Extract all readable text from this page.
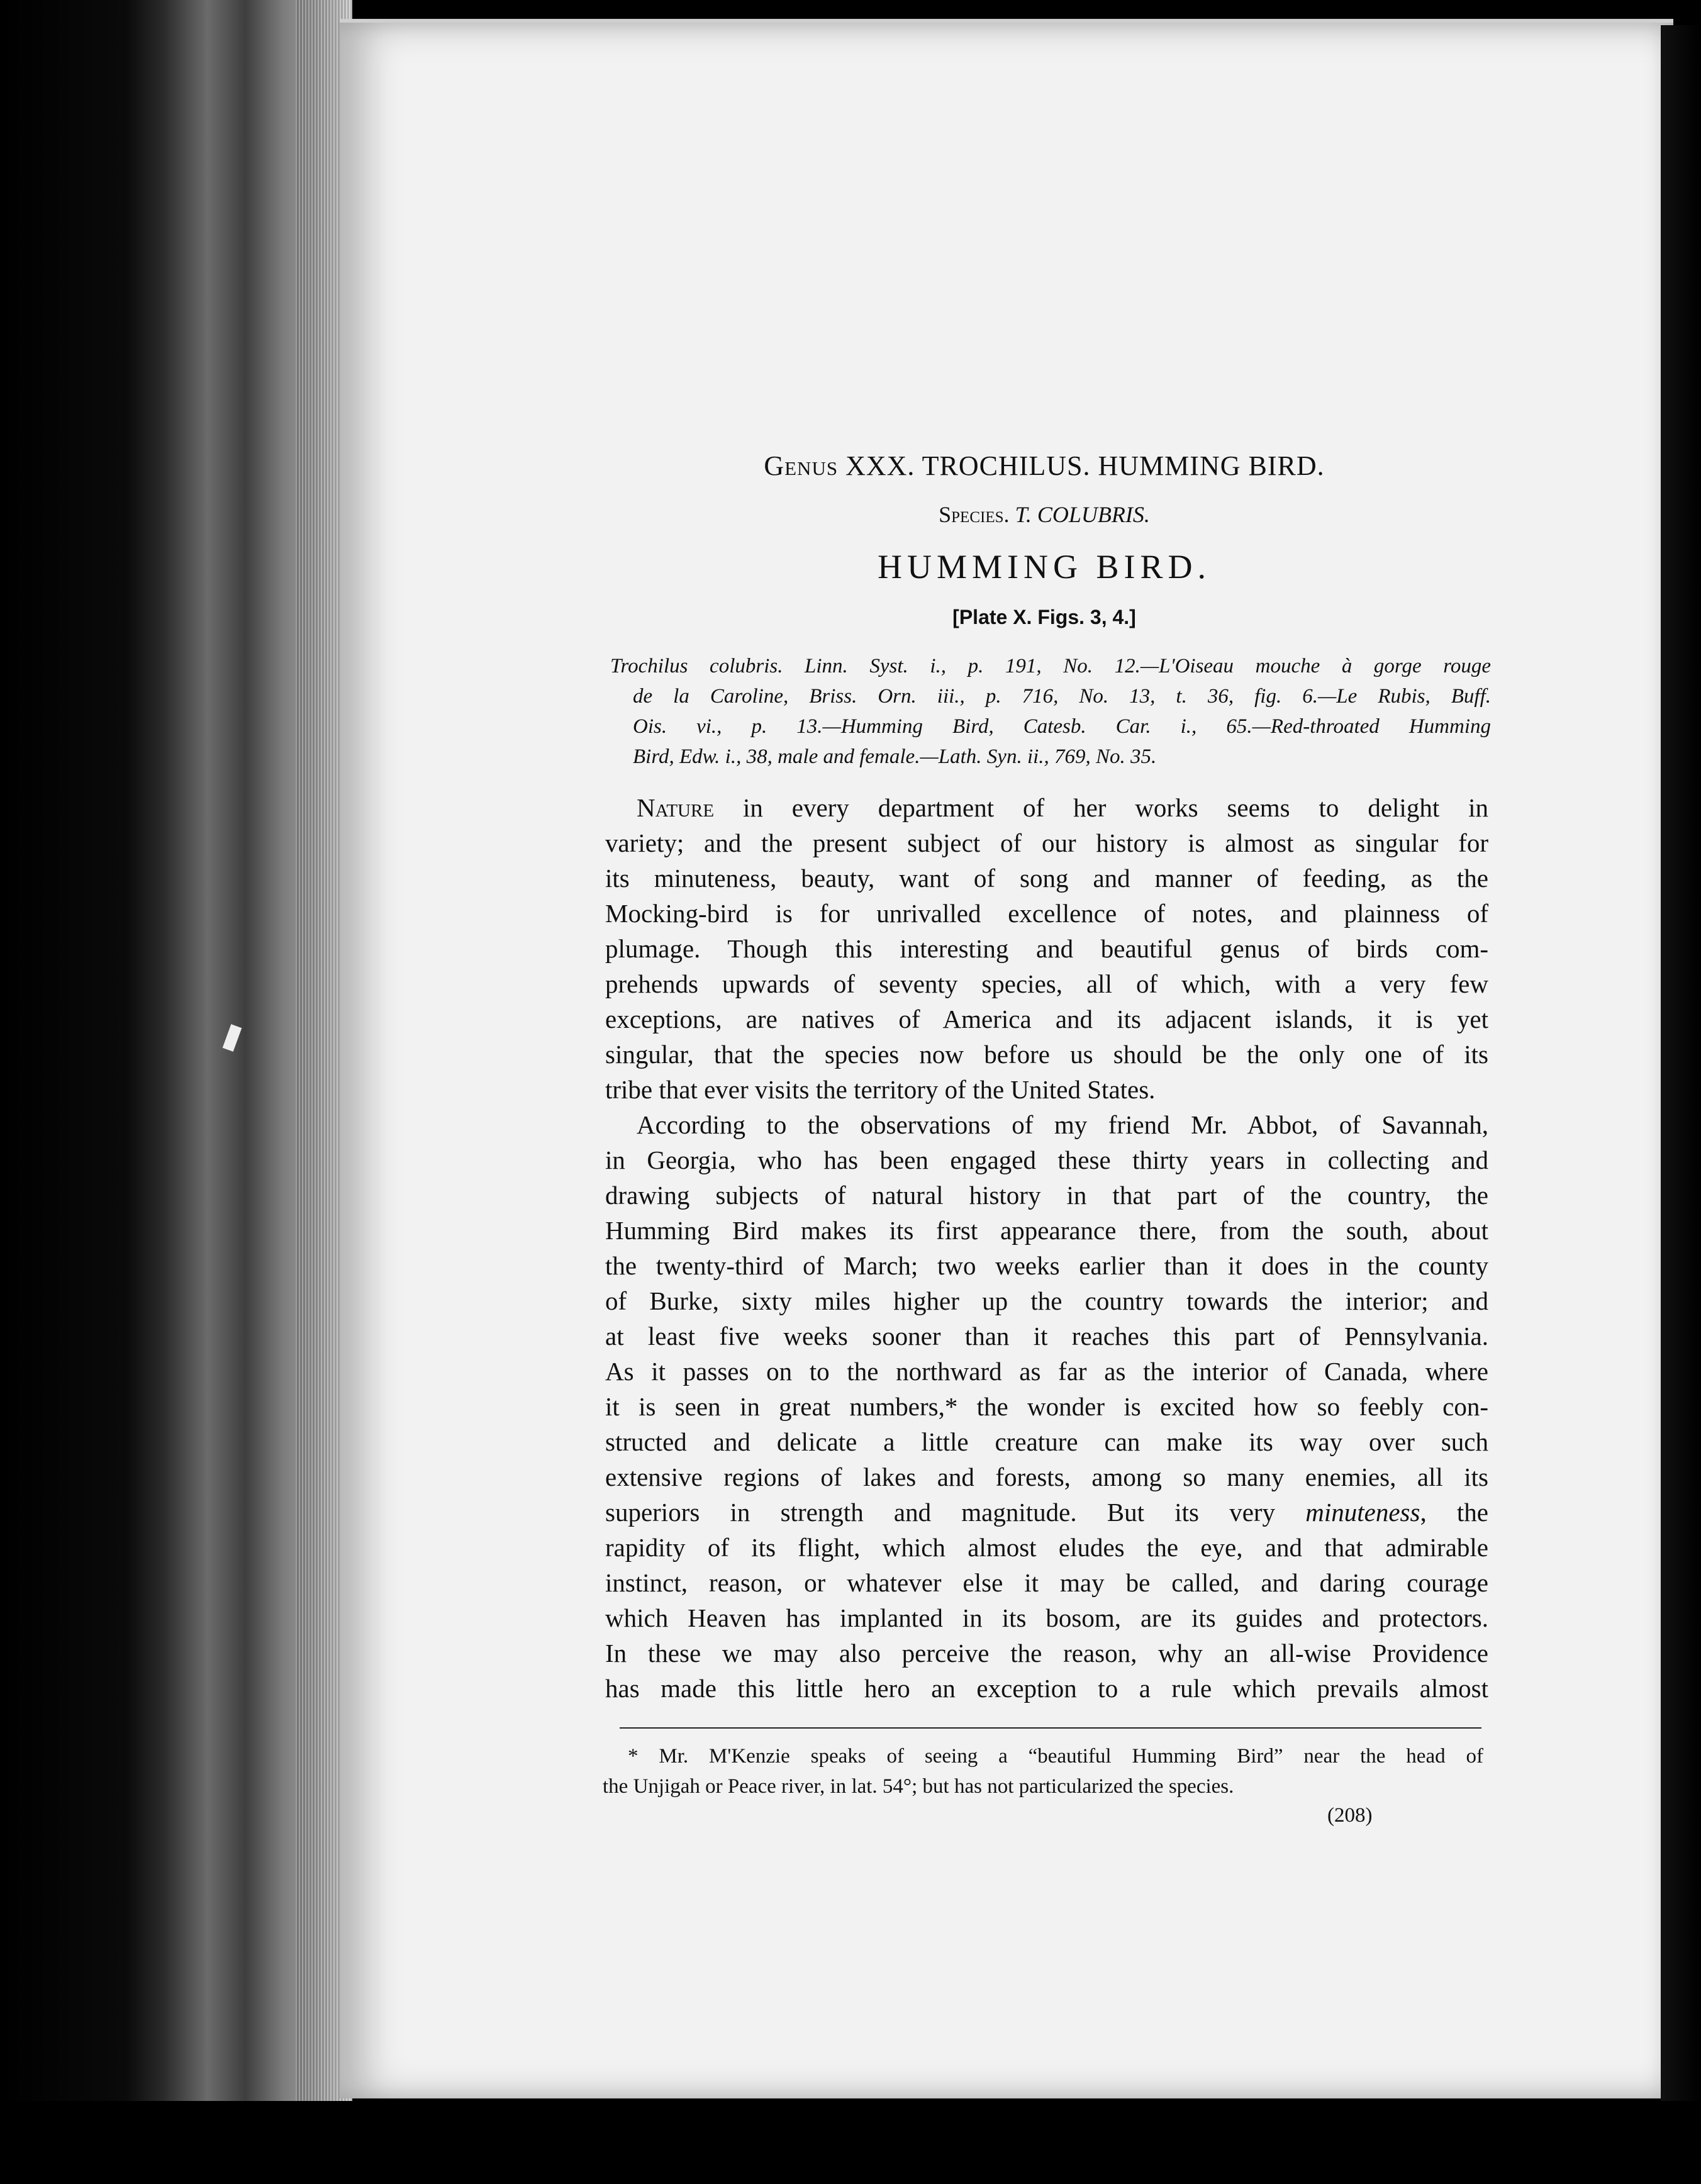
Genus XXX. TROCHILUS. HUMMING BIRD.
Species. T. COLUBRIS.
HUMMING BIRD.
[Plate X. Figs. 3, 4.]
Trochilus colubris. Linn. Syst. i., p. 191, No. 12.—L'Oiseau mouche à gorge rouge
de la Caroline, Briss. Orn. iii., p. 716, No. 13, t. 36, fig. 6.—Le Rubis, Buff.
Ois. vi., p. 13.—Humming Bird, Catesb. Car. i., 65.—Red-throated Humming
Bird, Edw. i., 38, male and female.—Lath. Syn. ii., 769, No. 35.
Nature in every department of her works seems to delight in
variety; and the present subject of our history is almost as singular for
its minuteness, beauty, want of song and manner of feeding, as the
Mocking-bird is for unrivalled excellence of notes, and plainness of
plumage. Though this interesting and beautiful genus of birds com-
prehends upwards of seventy species, all of which, with a very few
exceptions, are natives of America and its adjacent islands, it is yet
singular, that the species now before us should be the only one of its
tribe that ever visits the territory of the United States.
According to the observations of my friend Mr. Abbot, of Savannah,
in Georgia, who has been engaged these thirty years in collecting and
drawing subjects of natural history in that part of the country, the
Humming Bird makes its first appearance there, from the south, about
the twenty-third of March; two weeks earlier than it does in the county
of Burke, sixty miles higher up the country towards the interior; and
at least five weeks sooner than it reaches this part of Pennsylvania.
As it passes on to the northward as far as the interior of Canada, where
it is seen in great numbers,* the wonder is excited how so feebly con-
structed and delicate a little creature can make its way over such
extensive regions of lakes and forests, among so many enemies, all its
superiors in strength and magnitude. But its very minuteness, the
rapidity of its flight, which almost eludes the eye, and that admirable
instinct, reason, or whatever else it may be called, and daring courage
which Heaven has implanted in its bosom, are its guides and protectors.
In these we may also perceive the reason, why an all-wise Providence
has made this little hero an exception to a rule which prevails almost
* Mr. M'Kenzie speaks of seeing a “beautiful Humming Bird” near the head of
the Unjigah or Peace river, in lat. 54°; but has not particularized the species.
(208)
